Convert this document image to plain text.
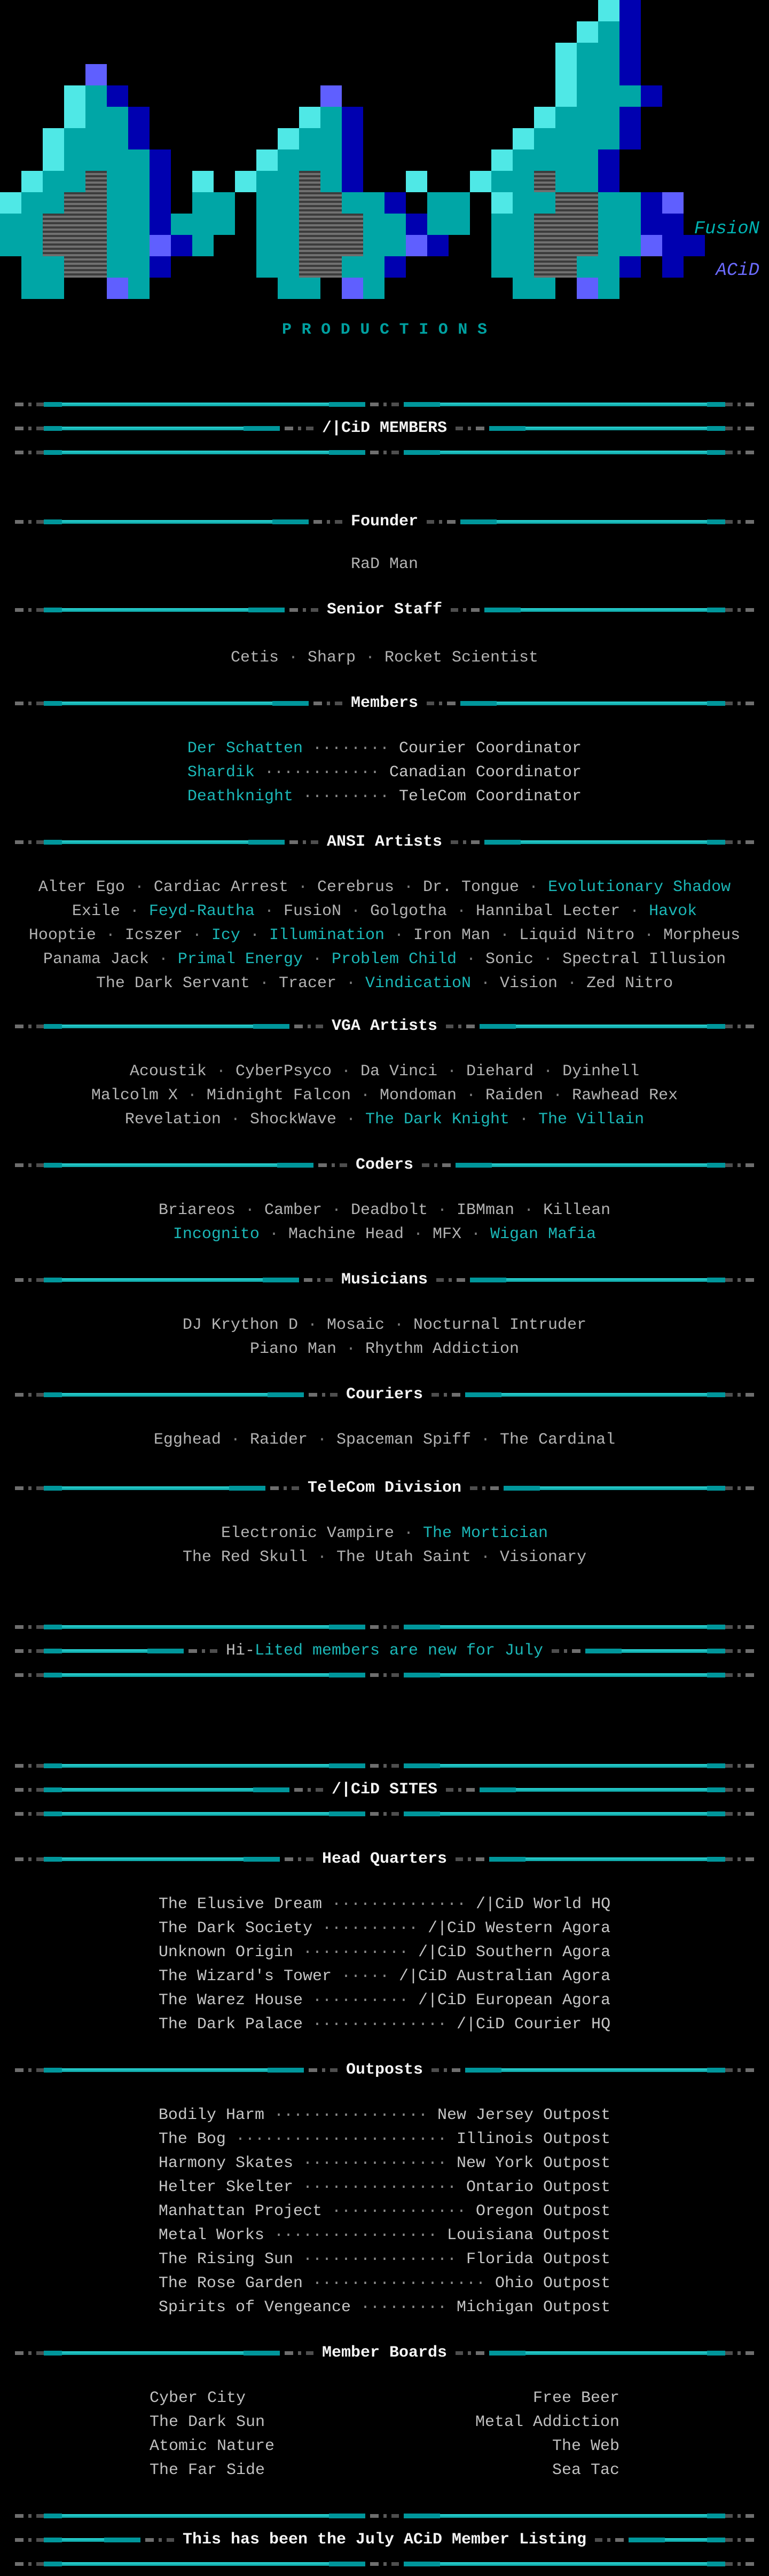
FusioN
ACiD
PRODUCTIONS
/|CiD MEMBERS
Founder
RaD Man
Senior Staff
Cetis · Sharp · Rocket Scientist
Members
Der Schatten ········ Courier Coordinator
Shardik ············ Canadian Coordinator
Deathknight ········· TeleCom Coordinator
ANSI Artists
Alter Ego · Cardiac Arrest · Cerebrus · Dr. Tongue · Evolutionary Shadow
Exile · Feyd-Rautha · FusioN · Golgotha · Hannibal Lecter · Havok
Hooptie · Icszer · Icy · Illumination · Iron Man · Liquid Nitro · Morpheus
Panama Jack · Primal Energy · Problem Child · Sonic · Spectral Illusion
The Dark Servant · Tracer · VindicatioN · Vision · Zed Nitro
VGA Artists
Acoustik · CyberPsyco · Da Vinci · Diehard · Dyinhell
Malcolm X · Midnight Falcon · Mondoman · Raiden · Rawhead Rex
Revelation · ShockWave · The Dark Knight · The Villain
Coders
Briareos · Camber · Deadbolt · IBMman · Killean
Incognito · Machine Head · MFX · Wigan Mafia
Musicians
DJ Krython D · Mosaic · Nocturnal Intruder
Piano Man · Rhythm Addiction
Couriers
Egghead · Raider · Spaceman Spiff · The Cardinal
TeleCom Division
Electronic Vampire · The Mortician
The Red Skull · The Utah Saint · Visionary
Hi- Lited members are new for July
/|CiD SITES
Head Quarters
The Elusive Dream ·············· /|CiD World HQ
The Dark Society ·········· /|CiD Western Agora
Unknown Origin ··········· /|CiD Southern Agora
The Wizard's Tower ····· /|CiD Australian Agora
The Warez House ·········· /|CiD European Agora
The Dark Palace ·············· /|CiD Courier HQ
Outposts
Bodily Harm ················ New Jersey Outpost
The Bog ······················ Illinois Outpost
Harmony Skates ··············· New York Outpost
Helter Skelter ················ Ontario Outpost
Manhattan Project ·············· Oregon Outpost
Metal Works ················· Louisiana Outpost
The Rising Sun ················ Florida Outpost
The Rose Garden ·················· Ohio Outpost
Spirits of Vengeance ········· Michigan Outpost
Member Boards
Cyber City
The Dark Sun
Atomic Nature
The Far Side
Free Beer
Metal Addiction
The Web
Sea Tac
This has been the July ACiD Member Listing
